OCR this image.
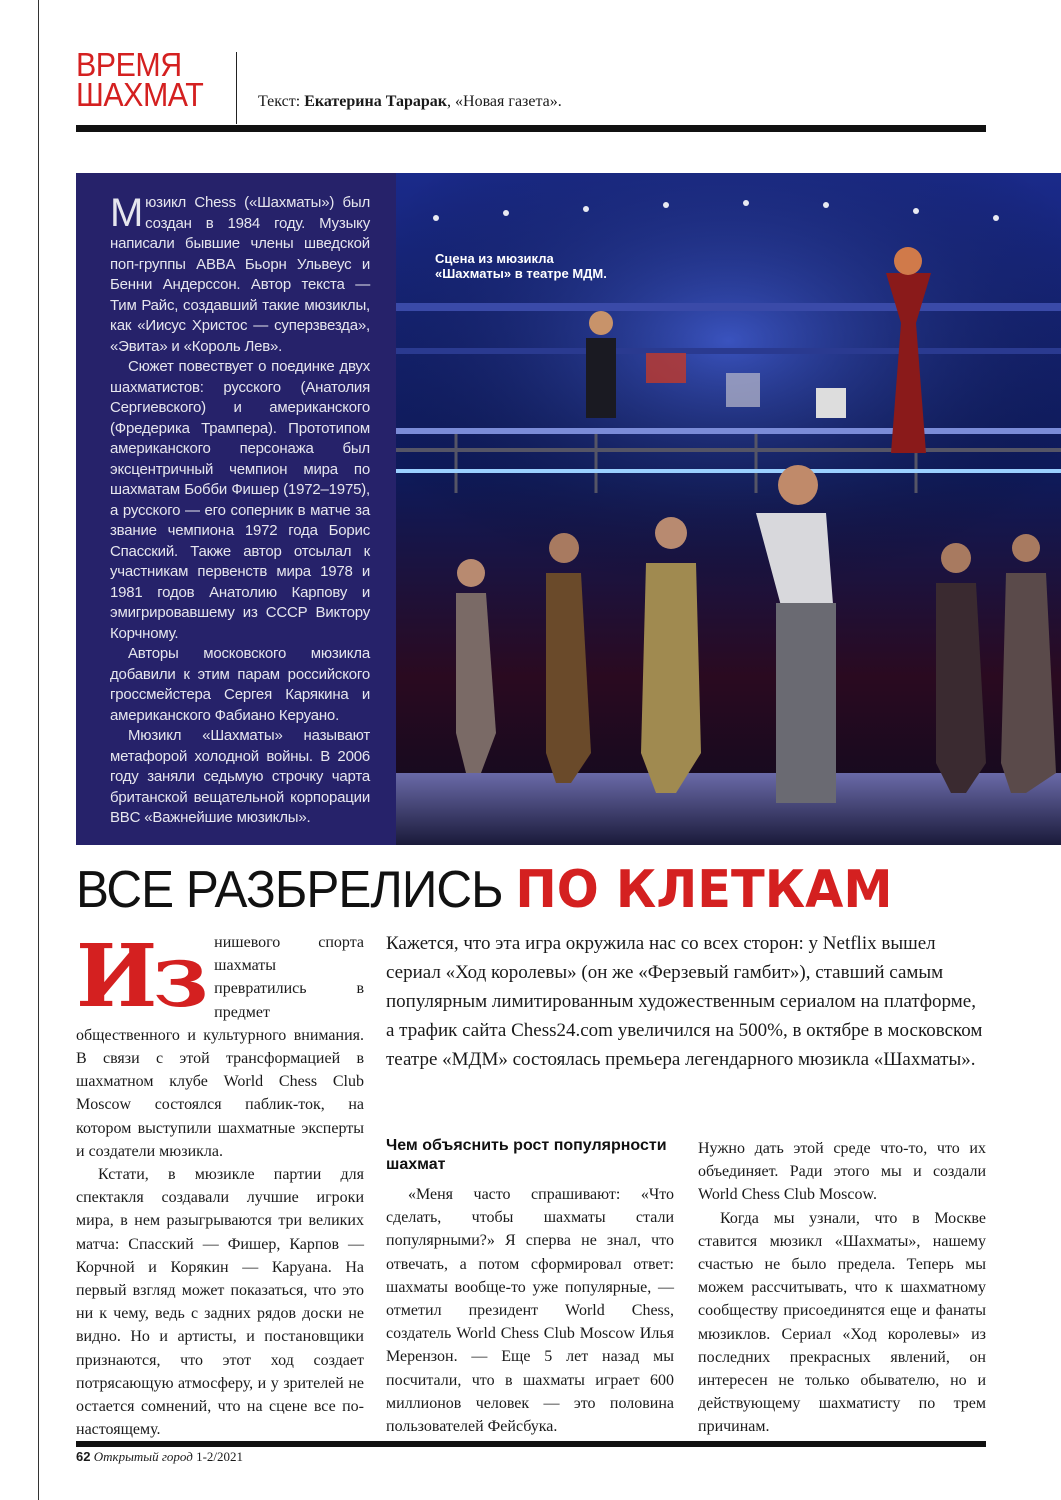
ВРЕМЯ
ШАХМАТ	Текст: Екатерина Тарарак, «Новая газета».

Мюзикл Chess («Шахматы») был создан в 1984 году. Музыку написали бывшие члены шведской поп-группы ABBA Бьорн Ульвеус и Бенни Андерссон. Автор текста — Тим Райс, создавший такие мюзиклы, как «Иисус Христос — суперзвезда», «Эвита» и «Король Лев».

Сюжет повествует о поединке двух шахматистов: русского (Анатолия Сергиевского) и американского (Фредерика Трампера). Прототипом американского персонажа был эксцентричный чемпион мира по шахматам Бобби Фишер (1972–1975), а русского — его соперник в матче за звание чемпиона 1972 года Борис Спасский. Также автор отсылал к участникам первенств мира 1978 и 1981 годов Анатолию Карпову и эмигрировавшему из СССР Виктору Корчному.

Авторы московского мюзикла добавили к этим парам российского гроссмейстера Сергея Карякина и американского Фабиано Керуано.

Мюзикл «Шахматы» называют метафорой холодной войны. В 2006 году заняли седьмую строчку чарта британской вещательной корпорации BBC «Важнейшие мюзиклы».

Сцена из мюзикла «Шахматы» в театре МДМ.
ВСЕ РАЗБРЕЛИСЬ ПО КЛЕТКАМ

Из нишевого спорта шахматы превратились в предмет общественного и культурного внимания. В связи с этой трансформацией в шахматном клубе World Chess Club Moscow состоялся паблик-ток, на котором выступили шахматные эксперты и создатели мюзикла.

Кстати, в мюзикле партии для спектакля создавали лучшие игроки мира, в нем разыгрываются три великих матча: Спасский — Фишер, Карпов — Корчной и Корякин — Каруана. На первый взгляд может показаться, что это ни к чему, ведь с задних рядов доски не видно. Но и артисты, и постановщики признаются, что этот ход создает потрясающую атмосферу, и у зрителей не остается сомнений, что на сцене все по-настоящему.

Кажется, что эта игра окружила нас со всех сторон: у Netflix вышел сериал «Ход королевы» (он же «Ферзевый гамбит»), ставший самым популярным лимитированным художественным сериалом на платформе, а трафик сайта Chess24.com увеличился на 500%, в октябре в московском театре «МДМ» состоялась премьера легендарного мюзикла «Шахматы».
Чем объяснить рост популярности шахмат

«Меня часто спрашивают: «Что сделать, чтобы шахматы стали популярными?» Я сперва не знал, что отвечать, а потом сформировал ответ: шахматы вообще-то уже популярные, — отметил президент World Chess, создатель World Chess Club Moscow Илья Мерензон. — Еще 5 лет назад мы посчитали, что в шахматы играет 600 миллионов человек — это половина пользователей Фейсбука.

Нужно дать этой среде что-то, что их объединяет. Ради этого мы и создали World Chess Club Moscow.

Когда мы узнали, что в Москве ставится мюзикл «Шахматы», нашему счастью не было предела. Теперь мы можем рассчитывать, что к шахматному сообществу присоединятся еще и фанаты мюзиклов. Сериал «Ход королевы» из последних прекрасных явлений, он интересен не только обывателю, но и действующему шахматисту по трем причинам.

62 Открытый город 1-2/2021
